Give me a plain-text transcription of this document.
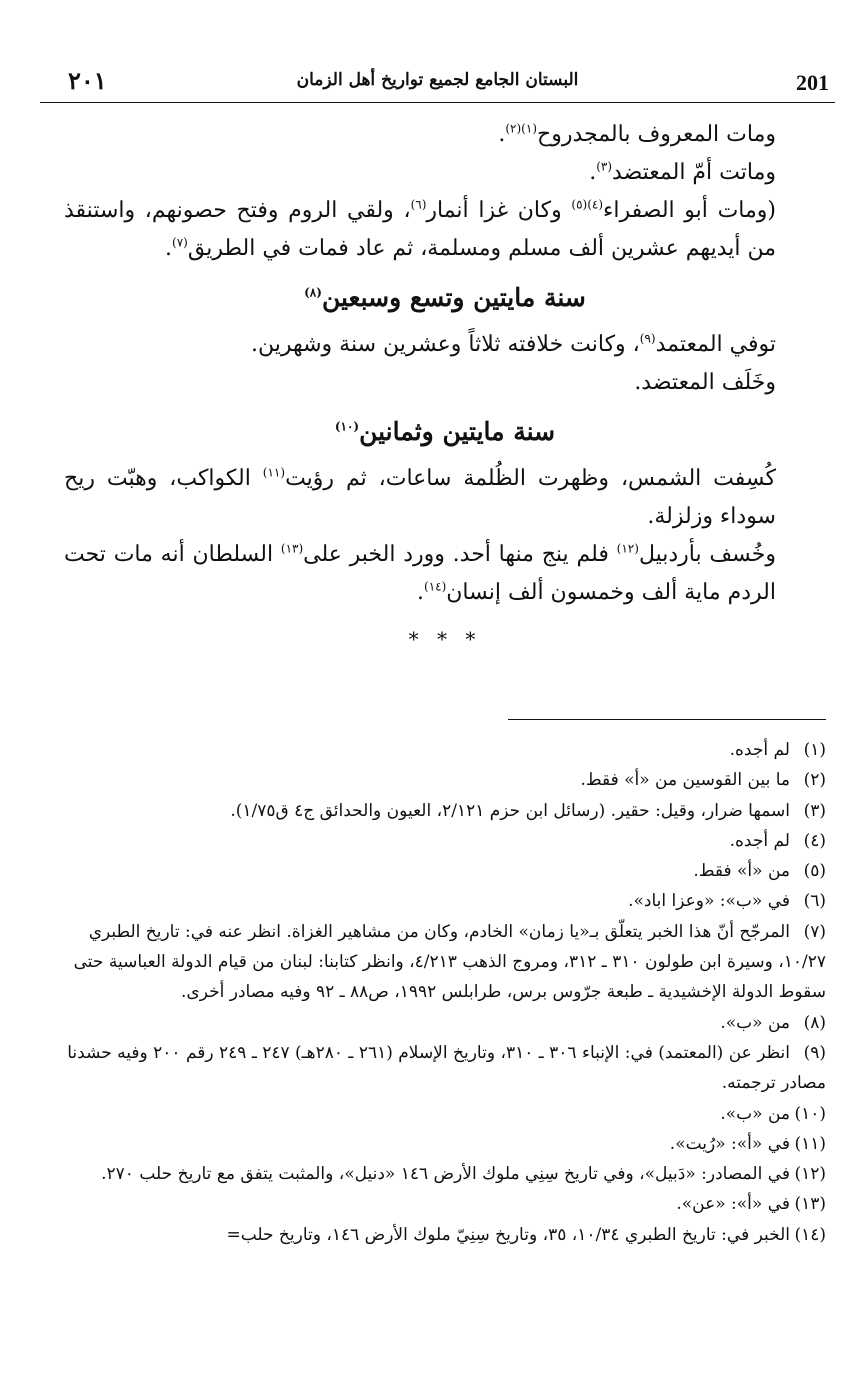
٢٠١	البستان الجامع لجميع تواريخ أهل الزمان	201

ومات المعروف بالمجدروح$^{(١)(٢)}$.

وماتت أمّ المعتضد$^{(٣)}$.

(ومات أبو الصفراء$^{(٤)(٥)}$ وكان غزا أنمار$^{(٦)}$، ولقي الروم وفتح حصونهم، واستنقذ من أيديهم عشرين ألف مسلم ومسلمة، ثم عاد فمات في الطريق$^{(٧)}$.

سنة مايتين وتسع وسبعين$^{(٨)}$

توفي المعتمد$^{(٩)}$، وكانت خلافته ثلاثاً وعشرين سنة وشهرين.

وخَلَف المعتضد.

سنة مايتين وثمانين$^{(١٠)}$

كُسِفت الشمس، وظهرت الظُلمة ساعات، ثم رؤيت$^{(١١)}$ الكواكب، وهبّت ريح سوداء وزلزلة.

وخُسف بأردبيل$^{(١٢)}$ فلم ينج منها أحد. وورد الخبر على$^{(١٣)}$ السلطان أنه مات تحت الردم ماية ألف وخمسون ألف إنسان$^{(١٤)}$.

* * *

(١)لم أجده.

(٢)ما بين القوسين من «أ» فقط.

(٣)اسمها ضرار، وقيل: حقير. (رسائل ابن حزم ٢/١٢١، العيون والحدائق ج٤ ق١/٧٥).

(٤)لم أجده.

(٥)من «أ» فقط.

(٦)في «ب»: «وعزا اباد».

(٧)المرجّح أنّ هذا الخبر يتعلّق بـ«يا زمان» الخادم، وكان من مشاهير الغزاة. انظر عنه في: تاريخ الطبري ١٠/٢٧، وسيرة ابن طولون ٣١٠ ـ ٣١٢، ومروج الذهب ٤/٢١٣، وانظر كتابنا: لبنان من قيام الدولة العباسية حتى سقوط الدولة الإخشيدية ـ طبعة جرّوس برس، طرابلس ١٩٩٢، ص٨٨ ـ ٩٢ وفيه مصادر أخرى.

(٨)من «ب».

(٩)انظر عن (المعتمد) في: الإنباء ٣٠٦ ـ ٣١٠، وتاريخ الإسلام (٢٦١ ـ ٢٨٠هـ) ٢٤٧ ـ ٢٤٩ رقم ٢٠٠ وفيه حشدنا مصادر ترجمته.

(١٠)من «ب».

(١١)في «أ»: «رُيت».

(١٢)في المصادر: «دَبيل»، وفي تاريخ سِنِي ملوك الأرض ١٤٦ «دنيل»، والمثبت يتفق مع تاريخ حلب ٢٧٠.

(١٣)في «أ»: «عن».

(١٤)الخبر في: تاريخ الطبري ١٠/٣٤، ٣٥، وتاريخ سِنِيّ ملوك الأرض ١٤٦، وتاريخ حلب=
